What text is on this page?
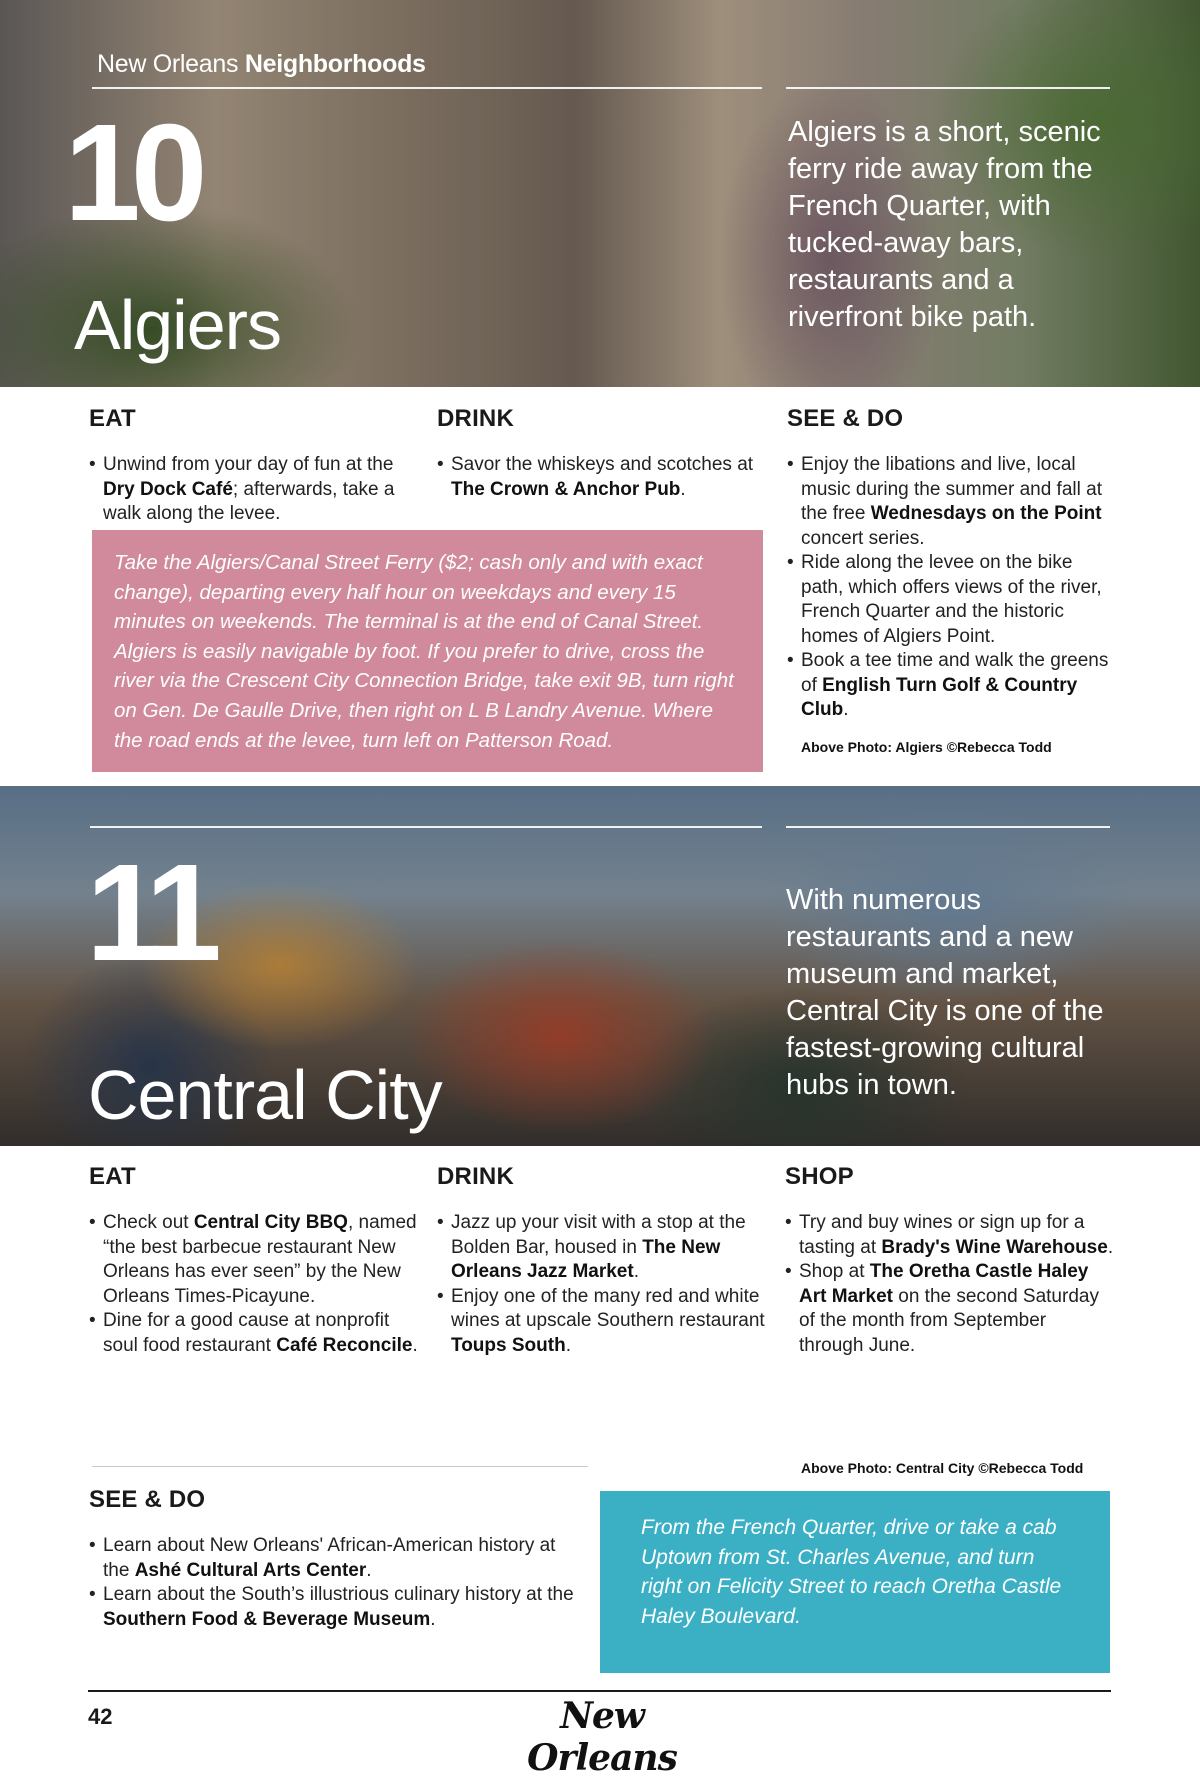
New Orleans Neighborhoods
10
Algiers
Algiers is a short, scenic ferry ride away from the French Quarter, with tucked-away bars, restaurants and a riverfront bike path.
EAT
• Unwind from your day of fun at the Dry Dock Café; afterwards, take a walk along the levee.
DRINK
• Savor the whiskeys and scotches at The Crown & Anchor Pub.
SEE & DO
• Enjoy the libations and live, local music during the summer and fall at the free Wednesdays on the Point concert series.
• Ride along the levee on the bike path, which offers views of the river, French Quarter and the historic homes of Algiers Point.
• Book a tee time and walk the greens of English Turn Golf & Country Club.
Take the Algiers/Canal Street Ferry ($2; cash only and with exact change), departing every half hour on weekdays and every 15 minutes on weekends. The terminal is at the end of Canal Street. Algiers is easily navigable by foot. If you prefer to drive, cross the river via the Crescent City Connection Bridge, take exit 9B, turn right on Gen. De Gaulle Drive, then right on L B Landry Avenue. Where the road ends at the levee, turn left on Patterson Road.	Above Photo: Algiers ©Rebecca Todd
11
Central City
With numerous restaurants and a new museum and market, Central City is one of the fastest-growing cultural hubs in town.
EAT
• Check out Central City BBQ, named “the best barbecue restaurant New Orleans has ever seen” by the New Orleans Times-Picayune.
• Dine for a good cause at nonprofit soul food restaurant Café Reconcile.
DRINK
• Jazz up your visit with a stop at the Bolden Bar, housed in The New Orleans Jazz Market.
• Enjoy one of the many red and white wines at upscale Southern restaurant Toups South.
SHOP
• Try and buy wines or sign up for a tasting at Brady's Wine Warehouse.
• Shop at The Oretha Castle Haley Art Market on the second Saturday of the month from September through June.
SEE & DO
• Learn about New Orleans' African-American history at the Ashé Cultural Arts Center.
• Learn about the South’s illustrious culinary history at the Southern Food & Beverage Museum.
Above Photo: Central City ©Rebecca Todd
From the French Quarter, drive or take a cab Uptown from St. Charles Avenue, and turn right on Felicity Street to reach Oretha Castle Haley Boulevard.
42	New Orleans
